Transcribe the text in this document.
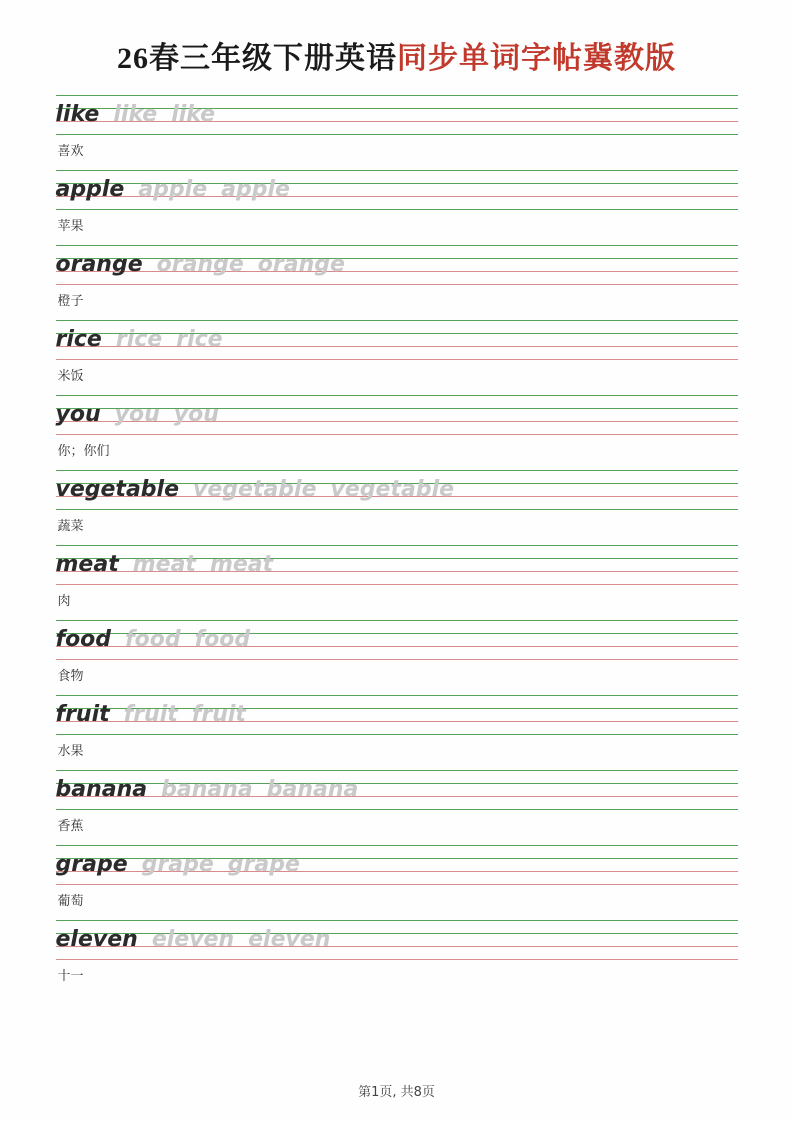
26春三年级下册英语同步单词字帖冀教版
like like like
喜欢
apple apple apple
苹果
orange orange orange
橙子
rice rice rice
米饭
you you you
你；你们
vegetable vegetable vegetable
蔬菜
meat meat meat
肉
food food food
食物
fruit fruit fruit
水果
banana banana banana
香蕉
grape grape grape
葡萄
eleven eleven eleven
十一
第1页, 共8页
